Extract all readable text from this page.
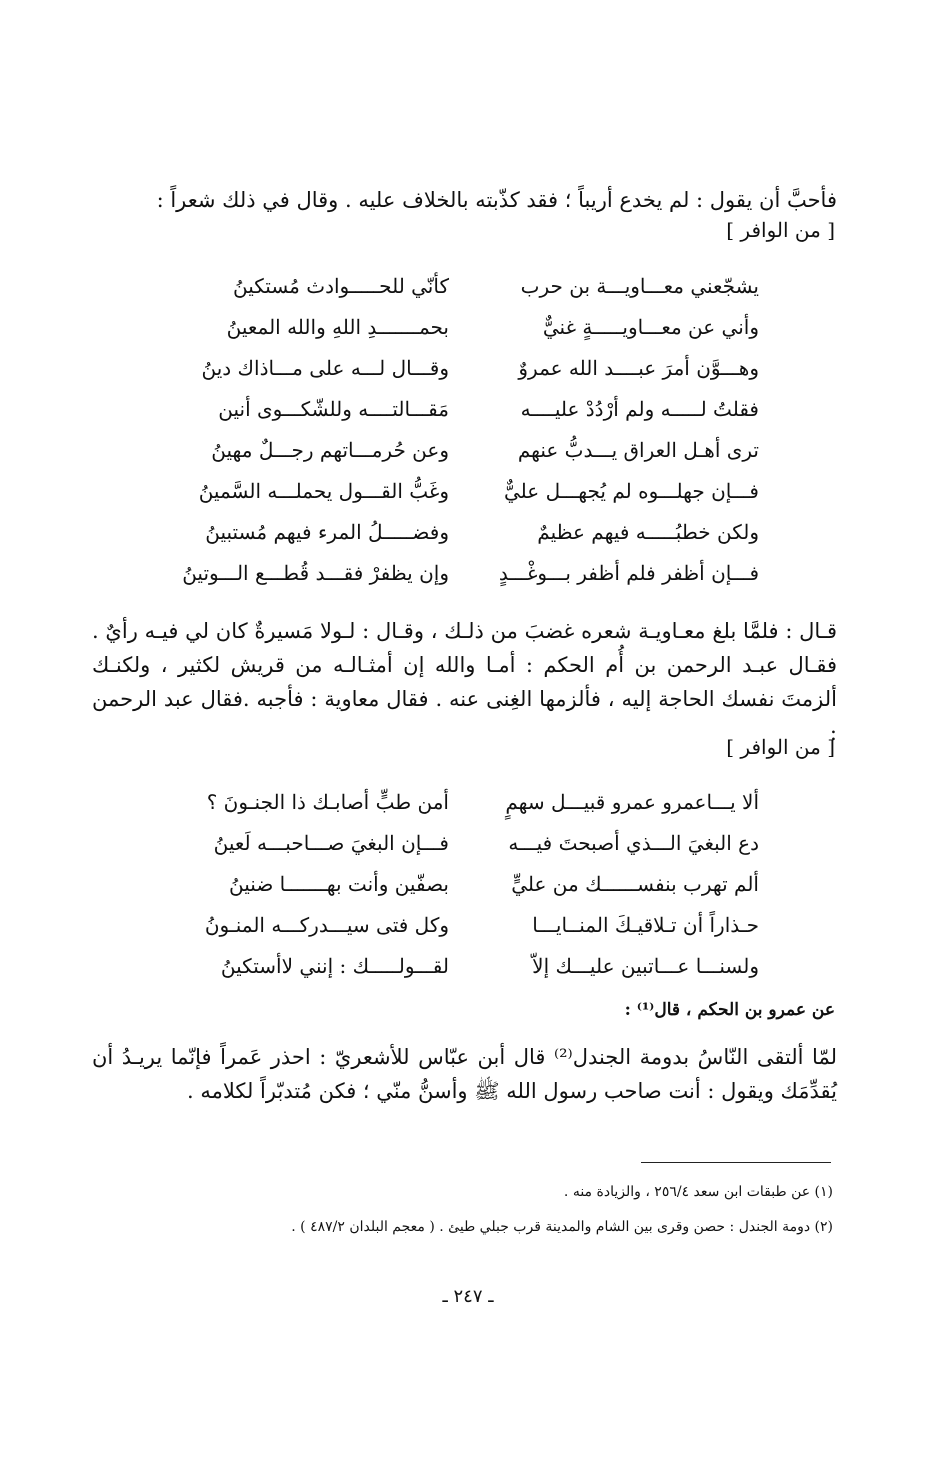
فأحبَّ أن يقول : لم يخدع أريباً ؛ فقد كذّبته بالخلاف عليه . وقال في ذلك شعراً :
[ من الوافر ]
يشجّعني معـــاويـــة بن حرب
كأنّي للحـــــوادث مُستكينُ
وأني عن معـــاويـــــةٍ غنيٌّ
بحمـــــــدِ اللهِ والله المعينُ
وهـــوَّن أمرَ عبــــد الله عمروٌ
وقـــال لـــه على مـــاذاك دينُ
فقلتُ لـــــه ولم أرْدُدْ عليــــه
مَقـــالتــــه وللشّكـــوى أنين
ترى أهـل العراق يـــدبُّ عنهم
وعن حُرمـــاتهم رجـــلٌ مهينُ
فـــإن جهلـــوه لم يُجهـــل عليٌّ
وغَبُّ القـــول يحملـــه السَّمينُ
ولكن خطبُـــــه فيهم عظيمٌ
وفضـــــلُ المرء فيهم مُستبينُ
فـــإن أظفر فلم أظفر بـــوغْـــدٍ
وإن يظفرْ فقـــد قُطـــع الـــوتينُ
قـال : فلمَّا بلغ معـاويـة شعره غضبَ من ذلـك ، وقـال : لـولا مَسيرةٌ كان لي فيـه رأيٌ . فقـال عبـد الرحمن بن أُم الحكم : أمـا والله إن أمثـالـه من قريش لكثير ، ولكنـك ألزمتَ نفسك الحاجة إليه ، فألزمها الغِنى عنه . فقال معاوية : فأجبه .فقال عبد الرحمن :
[ من الوافر ]
ألا يـــاعمرو عمرو قبيـــل سهمٍ
أمن طبٍّ أصابـك ذا الجنـونَ ؟
دع البغيَ الـــذي أصبحتَ فيـــه
فـــإن البغيَ صـــاحبـــه لَعينُ
ألم تهرب بنفســــــك من عليٍّ
بصفّين وأنت بهـــــــا ضنينُ
حـذاراً أن تـلاقيـكَ المنــايـــا
وكل فتى سيـــدركـــه المنـونُ
ولسنـــا عـــاتبين عليـــك إلاّ
لقـــولـــــك : إنني لاأستكينُ
عن عمرو بن الحكم ، قال⁽¹⁾ :
لمّا ألتقى النّاسُ بدومة الجندل⁽²⁾ قال أبن عبّاس للأشعريّ : احذر عَمراً فإنّما يريـدُ أن يُقدِّمَك ويقول : أنت صاحب رسول الله ﷺ وأسنُّ منّي ؛ فكن مُتدبّراً لكلامه .
(١) عن طبقات ابن سعد ٢٥٦/٤ ، والزيادة منه .
(٢) دومة الجندل : حصن وقرى بين الشام والمدينة قرب جبلي طيئ . ( معجم البلدان ٤٨٧/٢ ) .
ـ ٢٤٧ ـ
